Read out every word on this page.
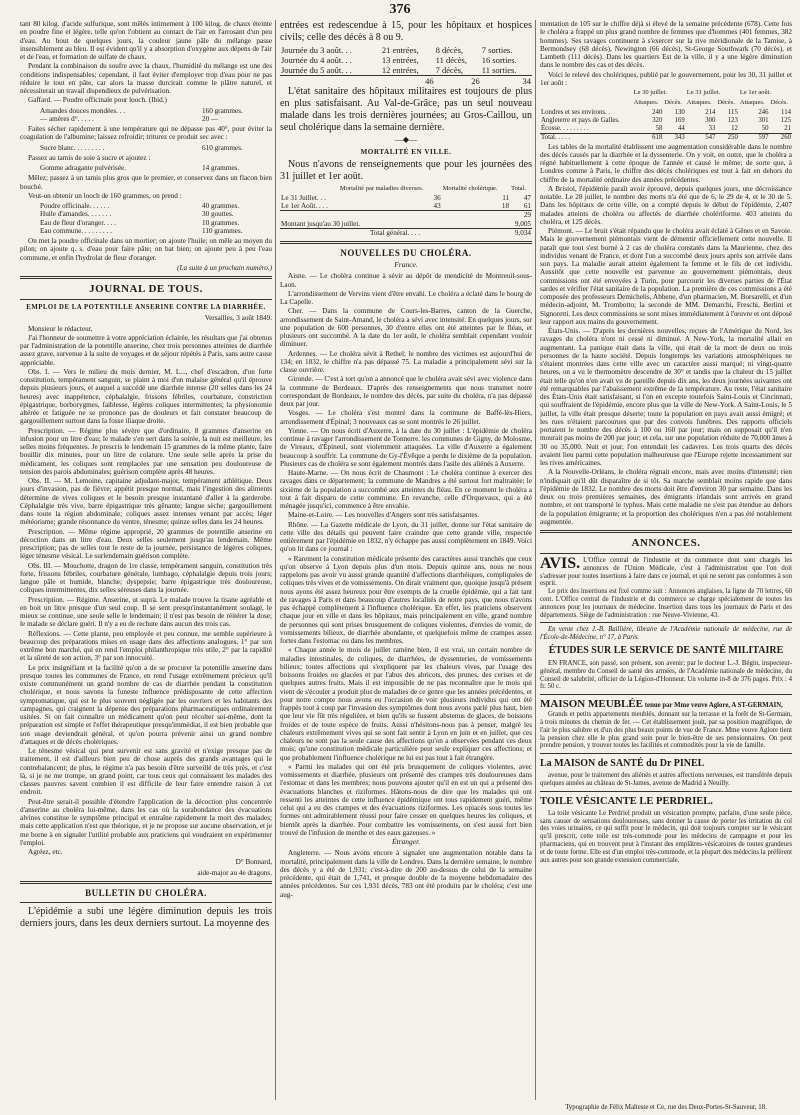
376

tant 80 kilog. d'acide sulfurique, sont mêlés intimement à 100 kilog. de chaux éteinte en poudre fine et légère, telle qu'on l'obtient au contact de l'air en l'arrosant d'un peu d'eau. Au bout de quelques jours, la couleur jaune pâle du mélange passe insensiblement au bleu. Il est évident qu'il y a absorption d'oxygène aux dépens de l'air et de l'eau, et formation de sulfate de chaux.

Pendant la combinaison du soufre avec la chaux, l'humidité du mélange est une des conditions indispensables; cependant, il faut éviter d'employer trop d'eau pour ne pas réduire le tout en pâte, car alors la masse durcirait comme le plâtre naturel, et nécessiterait un travail dispendieux de pulvérisation.

Gaffard. — Poudre officinale pour looch. (Ibid.)

Amandes douces mondées. . .	160 grammes.
— amères d°. . . . .	20 —

Faites sécher rapidement à une température qui ne dépasse pas 40°, pour éviter la coagulation de l'albumine; laissez refroidir; triturez ce produit sec avec :

Sucre blanc. . . . . . . . .	610 grammes.

Passez au tamis de soie à sucre et ajoutez :

Gomme adragante pulvérisée.	14 grammes.

Mêlez; passez à un tamis plus gros que le premier, et conservez dans un flacon bien bouché.

Veut-on obtenir un looch de 160 grammes, on prend :

Poudre officinale. . . . . .	40 grammes.
Huile d'amandes. . . . . . .	30 gouttes.
Eau de fleur d'oranger. . . .	10 grammes.
Eau commune. . . . . . . . .	110 grammes.

On met la poudre officinale dans un mortier; on ajoute l'huile; on mêle au moyen du pilon; on ajoute q. s. d'eau pour faire pâte; on bat bien; on ajoute peu à peu l'eau commune, et enfin l'hydrolat de fleur d'oranger.

(La suite à un prochain numéro.)

JOURNAL DE TOUS.
EMPLOI DE LA POTENTILLE ANSERINE CONTRE LA DIARRHÉE.

Versailles, 3 août 1849.

Monsieur le rédacteur,

J'ai l'honneur de soumettre à votre appréciation éclairée, les résultats que j'ai obtenus par l'administration de la potentille anserine, chez trois personnes atteintes de diarrhée assez grave, survenue à la suite de voyages et de séjour répétés à Paris, sans autre cause appréciable.

Obs. I. — Vers le milieu du mois dernier, M. L..., chef d'escadron, d'un forte constitution, tempérament sanguin, se plaint à moi d'un malaise général qu'il éprouve depuis plusieurs jours, et auquel a succédé une diarrhée intense (20 selles dans les 24 heures) avec inappétence, céphalalgie, frissons fébriles, courbature, constriction épigastrique, borborygmes, faiblesse, légères coliques intermittentes; la physionomie altérée et fatiguée ne se prononce pas de douleurs et fait constater beaucoup de gargouillement surtout dans la fosse iliaque droite.

Prescription. — Régime plus sévère que d'ordinaire, 8 grammes d'anserine en infusion pour un litre d'eau; le malade s'en sert dans la soirée, la nuit est meilleure, les selles moins fréquentes. Je prescris le lendemain 15 grammes de la même plante, faire bouillir dix minutes, pour un litre de colature. Une seule selle après la prise du médicament, les coliques sont remplacées par une sensation peu douloureuse de tension des parois abdominales; guérison complète après 48 heures.

Obs. II. — M. Lemoine, capitaine adjudant-major, tempérament athlétique. Deux jours d'invasion, pas de fièvre; appétit presque normal, mais l'ingestion des aliments détermine de vives coliques et le besoin presque instantané d'aller à la garderobe. Céphalalgie très vive, barre épigastrique très gênante; langue sèche; gargouillement dans toute la région abdominale; coliques assez intenses venant par accès; léger météorisme; grande résonnance du ventre, ténesme; quinze selles dans les 24 heures.

Prescription. — Même régime approprié, 20 grammes de potentille anserine en décoction dans un litre d'eau. Deux selles seulement jusqu'au lendemain. Même prescription; pas de selles tout le reste de la journée, persistance de légères coliques, léger ténesme vésical. Le surlendemain guérison complète.

Obs. III. — Mouchotte, dragon de 1re classe, tempérament sanguin, constitution très forte, frissons fébriles, courbature générale, lumbago, céphalalgie depuis trois jours; langue pâle et humide, blanche; dyspepsie; barre épigastrique très douloureuse, coliques intermittentes, dix selles séreuses dans la journée.

Prescription. — Régime. Anserine, ut suprà. Le malade trouve la tisane agréable et en boit un litre presque d'un seul coup. Il se sent presqu'instantanément soulagé, le mieux se continue, une seule selle le lendemain; il n'est pas besoin de réitérer la dose; le malade se déclare guéri. Il n'y a eu de rechute dans aucun des trois cas.

Réflexions. — Cette plante, peu employée et peu connue, me semble supérieure à beaucoup des préparations mises en usage dans des affections analogues, 1° par son extrême bon marché, qui en rend l'emploi philanthropique très utile, 2° par la rapidité et la sûreté de son action, 3° par son innocuité.

Le prix insignifiant et la facilité qu'on a de se procurer la potentille anserine dans presque toutes les communes de France, en rend l'usage extrêmement précieux qu'il existe communément un grand nombre de cas de diarrhée pendant la constitution cholérique, et nous savons la funeste influence prédisposante de cette affection symptomatique, qui est le plus souvent négligée par les ouvriers et les habitants des campagnes, qui craignent la dépense des préparations pharmaceutiques ordinairement usitées. Si on fait connaître un médicament qu'on peut récolter soi-même, dont la préparation est simple et l'effet thérapeutique presqu'immédiat, il est bien probable que son usage deviendrait général, et qu'on pourra prévenir ainsi un grand nombre d'attaques et de décès cholériques.

Le ténesme vésical qui peut survenir est sans gravité et n'exige presque pas de traitement, il est d'ailleurs bien peu de chose auprès des grands avantages qui le contrebalancent; de plus, le régime n'a pas besoin d'être surveillé de très près, et c'est là, si je ne me trompe, un grand point, car tous ceux qui connaissent les malades des classes pauvres savent combien il est difficile de leur faire entendre raison à cet endroit.

Peut-être serait-il possible d'étendre l'application de la décoction plus concentrée d'anserine au choléra lui-même, dans les cas où la surabondance des évacuations alvines constitue le symptôme principal et entraîne rapidement la mort des malades; mais cette application n'est que théorique, et je ne propose sur aucune observation, et je me borne à en signaler l'utilité probable aux praticiens qui voudraient en expérimenter l'emploi.

Agréez, etc.

D° Bonnard,

aide-major au 4e dragons.

BULLETIN DU CHOLÉRA.

L'épidémie a subi une légère diminution depuis les trois derniers jours, dans les deux derniers surtout. La moyenne des

entrées est redescendue à 15, pour les hôpitaux et hospices civils; celle des décès à 8 ou 9.

Journée du 3 août. . .	21 entrées,	8 décès,	7 sorties.
Journée du 4 août. . .	13 entrées,	11 décès,	16 sorties.
Journée du 5 août. . .	12 entrées,	7 décès,	11 sorties.
	46	26	34

L'état sanitaire des hôpitaux militaires est toujours de plus en plus satisfaisant. Au Val-de-Grâce, pas un seul nouveau malade dans les trois dernières journées; au Gros-Caillou, un seul cholérique dans la semaine dernière.

—◆—
MORTALITÉ EN VILLE.

Nous n'avons de renseignements que pour les journées des 31 juillet et 1er août.

	Mortalité par maladies diverses.	Mortalité cholérique.	Total.
Le 31 Juillet. . .	36	11	47
Le 1er Août. . . .	43	18	61
			29
Montant jusqu'au 30 juillet.			9,005
Total général. . . .			9,034
NOUVELLES DU CHOLÉRA.
France.

Aisne. — Le choléra continue à sévir au dépôt de mendicité de Montreuil-sous-Laon.

L'arrondissement de Vervins vient d'être envahi. Le choléra a éclaté dans le bourg de La Capelle.

Cher. — Dans la commune de Cours-les-Barres, canton de la Guerche, arrondissement de Saint-Amand, le choléra a sévi avec intensité. En quelques jours, sur une population de 600 personnes, 30 d'entre elles ont été atteintes par le fléau, et plusieurs ont succombé. A la date du 1er août, le choléra semblait cependant vouloir diminuer.

Ardennes. — Le choléra sévit à Rethel; le nombre des victimes est aujourd'hui de 134; en 1832, le chiffre n'a pas dépassé 75. La maladie a principalement sévi sur la classe ouvrière.

Gironde. — C'est à tort qu'on a annoncé que le choléra avait sévi avec violence dans la commune de Bordeaux. D'après des renseignements que nous transmet notre correspondant de Bordeaux, le nombre des décès, par suite du choléra, n'a pas dépassé deux par jour.

Vosges. — Le choléra s'est montré dans la commune de Baffé-lès-Hiers, arrondissement d'Épinal; 3 nouveaux cas se sont montrés le 26 juillet.

Yonne. — On nous écrit d'Auxerre, à la date du 30 juillet : L'épidémie de choléra continue à ravager l'arrondissement de Tonnerre. les communes de Gigny, de Molosme, de Vireaux, d'Épineul, sont violemment attaquées. La ville d'Auxerre a également beaucoup à souffrir. La commune de Gy-l'Évêque a perdu le dixième de la population. Plusieurs cas de choléra se sont également montrés dans l'asile des aliénés à Auxerre.

Haute-Marne. — On nous écrit de Chaumont : Le choléra continue à exercer des ravages dans ce département; la commune de Mandres a été surtout fort maltraitée; le sixième de la population a succombé aux atteintes du fléau. En ce moment le choléra a tout à fait disparu de cette commune. En revanche, celle d'Orquevaux, qui a été ménagée jusqu'ici, commence à être envahie.

Maine-et-Loire. — Les nouvelles d'Angers sont très satisfaisantes.

Rhône. — La Gazette médicale de Lyon, du 31 juillet, donne sur l'état sanitaire de cette ville des détails qui peuvent faire craindre que cette grande ville, respectée entièrement par l'épidémie en 1832, n'y échappe pas aussi complètement en 1849. Voici qu'on lit dans ce journal :

« Rarement la constitution médicale présente des caractères aussi tranchés que ceux qu'on observe à Lyon depuis plus d'un mois. Depuis quinze ans, nous ne nous rappelons pas avoir vu aussi grande quantité d'affections diarrhéiques, compliquées de coliques très vives et de vomissements. On dirait vraiment que, quoique jusqu'à présent nous ayons été assez heureux pour être exempts de la cruelle épidémie, qui a fait tant de ravages à Paris et dans beaucoup d'autres localités de notre pays, que nous n'avons pas échappé complètement à l'influence cholérique. En effet, les praticiens observent chaque jour en ville et dans les hôpitaux, mais principalement en ville, grand nombre de personnes qui sont prises brusquement de coliques violentes, d'envies de vomir, de vomissements bilieux, de diarrhée abondante, et quelquefois même de crampes assez fortes dans l'estomac ou dans les membres.

« Chaque année le mois de juillet ramène bien, il est vrai, un certain nombre de maladies intestinales, de coliques, de diarrhées, de dyssenteries, de vomissements bilieux; toutes affections qui s'expliquent par les chaleurs vives, par l'usage des boissons froides ou glacées et par l'abus des abricots, des prunes, des cerises et de quelques autres fruits. Mais il est impossible de ne pas reconnaître que le mois qui vient de s'écouler a produit plus de maladies de ce genre que les années précédentes, et pour notre compte nous avons eu l'occasion de voir plusieurs individus qui ont été frappés tout à coup par l'invasion des symptômes dont nous avons parlé plus haut, bien que leur vie fût très régulière, et bien qu'ils se fussent abstenus de glaces, de boissons froides et de toute espèce de fruits. Aussi n'hésitons-nous pas à penser, malgré les chaleurs extrêmement vives qui se sont fait sentir à Lyon en juin et en juillet, que ces chaleurs ne sont pas la seule cause des affections qu'on a observées pendant ces deux mois; qu'une constitution médicale particulière peut seule expliquer ces affections; et que probablement l'influence cholérique ne lui est pas tout à fait étrangère.

« Parmi les malades qui ont été pris brusquement de coliques violentes, avec vomissements et diarrhée, plusieurs ont présenté des crampes très douloureuses dans l'estomac et dans les membres; nous pouvons ajouter qu'il en est un qui a présenté des évacuations blanches et riziformes. Hâtons-nous de dire que les malades qui ont ressenti les atteintes de cette influence épidémique ont tous rapidement guéri, même celui qui a eu des crampes et des évacuations riziformes. Les opiacés sous toutes les formes ont admirablement réussi pour faire cesser en quelques heures les coliques, et bientôt après la diarrhée. Pour combattre les vomissements, on s'est aussi fort bien trouvé de l'infusion de menthe et des eaux gazeuses. »

Étranger.

Angleterre. — Nous avons encore à signaler une augmentation notable dans la mortalité, principalement dans la ville de Londres. Dans la dernière semaine, le nombre des décès y a été de 1,931; c'est-à-dire de 200 au-dessus de celui de la semaine précédente, qui était de 1,741, et presque double de la moyenne hebdomadaire des années précédentes. Sur ces 1,931 décès, 783 ont été produits par le choléra; c'est une aug-

mentation de 105 sur le chiffre déjà si élevé de la semaine précédente (678). Cette fois le choléra a frappé un plus grand nombre de femmes que d'hommes (401 femmes, 382 hommes). Ses ravages continuent à s'exercer sur la rive méridionale de la Tamise, à Bermondsey (68 décès), Newington (66 décès), St-George Southwark (70 décès), et Lambeth (111 décès). Dans les quartiers Est de la ville, il y a une légère diminution dans le nombre des cas et des décès.

Voici le relevé des cholériques, publié par le gouvernement, pour les 30, 31 juillet et 1er août :

	Le 30 juillet.		Le 31 juillet.		Le 1er août.	
	Attaques.	Décès.	Attaques.	Décès.	Attaques.	Décès.
Londres et ses environs. .	240	130	214	115	246	114
Angleterre et pays de Galles.	320	169	300	123	301	125
Écosse. . . . . . . . .	58	44	33	12	50	21
Total. . . . .	618	343	547	250	597	260

Les tables de la mortalité établissent une augmentation considérable dans le nombre des décès causés par la diarrhée et la dyssenterie. On y voit, en outre, que le choléra a régné habituellement à cette époque de l'année et causé le même; de sorte que, à Londres comme à Paris, le chiffre des décès cholériques est tout à fait en dehors du chiffre de la mortalité ordinaire des années précédentes.

A Bristol, l'épidémie paraît avoir éprouvé, depuis quelques jours, une décroissance notable. Le 28 juillet, le nombre des morts n'a été que de 6, le 29 de 4, et le 30 de 5. Dans les hôpitaux de cette ville, on a compté depuis le début de l'épidémie, 2,407 malades atteints de choléra ou affectés de diarrhée cholériforme. 403 atteints du choléra, et 125 décès.

Piémont. — Le bruit s'était répandu que le choléra avait éclaté à Gênes et en Savoie. Mais le gouvernement piémontais vient de démentir officiellement cette nouvelle. Il paraît que tout s'est borné à 2 cas de choléra constatés dans la Maurienne, chez des individus venant de France, et dont l'un a succombé deux jours après son arrivée dans son pays. La maladie aurait atteint également la femme et le fils de cet individu. Aussitôt que cette nouvelle est parvenue au gouvernement piémontais, deux commissions ont été envoyées à Turin, pour parcourir les diverses parties de l'État sardes et vérifier l'état sanitaire de la population. La première de ces commissions a été composée des professeurs Demichelis, Abbene, d'un pharmacien, M. Borsarelli, et d'un médecin-adjoint, M. Trombotto; la seconde de MM. Demarchi, Freschi, Berlini et Signoretti. Les deux commissions se sont mises immédiatement à l'œuvre et ont déposé leur rapport aux mains du gouvernement.

États-Unis. — D'après les dernières nouvelles, reçues de l'Amérique du Nord, les ravages du choléra n'ont ni cessé ni diminué. A New-York, la mortalité allait en augmentant. La panique était dans la ville, qui était de la mort de deux ou trois personnes de la haute société. Depuis longtemps les variations atmosphériques ne s'étaient montrées dans cette ville avec un caractère aussi marqué; ni vingt-quatre heures, on a vu le thermomètre descendre de 30° et tandis que la chaleur du 15 juillet était telle qu'on n'en avait vu de pareille depuis dix ans, les deux journées suivantes ont été remarquables par l'abaissement extrême de la température. Au reste, l'état sanitaire des États-Unis était satisfaisant, si l'on en excepte toutefois Saint-Louis et Cincinnati, qui souffraient de l'épidémie, encore plus que la ville de New-York. A Saint-Louis, le 5 juillet, la ville était presque déserte; toute la population en pays avait aussi émigré; et les rues n'étaient parcourues que par des convois funèbres. Des rapports officiels portaient le nombre des décès à 100 ou 160 par jour; mais on supposait qu'il n'en mourait pas moins de 200 par jour; et cela, sur une population réduite de 70,000 âmes à 30 ou 35,000. Nuit et jour, l'on entendait les cadavres. Les trois quarts des décès avaient lieu parmi cette population malheureuse que l'Europe rejette incessamment sur les rives américaines.

A la Nouvelle-Orléans, le choléra régnait encore, mais avec moins d'intensité; rien n'indiquait qu'il dût disparaître de si tôt. Sa marche semblait moins rapide que dans l'épidémie de 1832. Le nombre des morts doit être d'environ 30 par semaine. Dans les deux ou trois premières semaines, des émigrants irlandais sont arrivés en grand nombre, et ont transporté le typhus. Mais cette maladie ne s'est pas étendue au dehors de la population émigrante; et la proportion des cholériques n'en a pas été notablement augmentée.

ANNONCES.
AVIS. L'Office central de l'industrie et du commerce dont sont chargés les annonces de l'Union Médicale, c'est à l'administration que l'on doit s'adresser pour toutes insertions à faire dans ce journal, et qui ne seront pas conformes à son esprit.

Le prix des insertions est fixé comme suit : Annonces anglaises, la ligne de 70 lettres, 60 cent. L'Office central de l'industrie et du commerce se charge spécialement de toutes les annonces pour les journaux de médecine. Insertion dans tous les journaux de Paris et des départements. Siège de l'administration : rue Neuve-Vivienne, 43.

En vente chez J.-B. Baillière, libraire de l'Académie nationale de médecine, rue de l'École-de-Médecine, n° 17, à Paris.

ÉTUDES SUR LE SERVICE DE SANTÉ MILITAIRE

EN FRANCE, son passé, son présent, son avenir; par le docteur L.-J. Bégin, inspecteur-général, membre du Conseil de santé des armées, de l'Académie nationale de médecine, du Conseil de salubrité, officier de la Légion-d'Honneur. Un volume in-8 de 376 pages. Prix : 4 fr. 50 c.

MAISON MEUBLÉE tenue par Mme veuve Aglore, A ST-GERMAIN,

Grands et petits appartements meublés, donnant sur la terrasse et la forêt de St-Germain, à trois minutes du chemin de fer. — Cet établissement jouit, par sa position magnifique, de l'air le plus salubre et d'un des plus beaux points de vue de France. Mme veuve Aglore tient la pension chez elle le plus grand soin pour le bien-être de ses pensionnaires. On peut prendre pension, y trouver toutes les facilités et commodités pour la vie de famille.

La MAISON de SANTÉ du Dr PINEL

avenue, pour le traitement des aliénés et autres affections nerveuses, est transférée depuis quelques années au château de St-James, avenue de Madrid à Neuilly.

TOILE VÉSICANTE LE PERDRIEL.

La toile vésicante Le Perdriel produit un vésication prompte, parfaite, d'une seule pièce, sans causer de sensations douloureuses, sans donner la cause de porter les irritation du col des voies urinaires, ce qui suffit pour le médecin, qui doit toujours compter sur le vésicant qu'il prescrit, cette toile est très-commode pour les médecins de campagne et pour les pharmaciens, qui en trouvent peut à l'instant des emplâtres-vésicatoires de toutes grandeurs et de toute forme. Elle est d'un emploi très-commode, et la plupart des médecins la préfèrent aux autres pour son grande extension commerciale.

Typographie de Félix Malteste et Ce, rue des Deux-Portes-St-Sauveur, 18.
